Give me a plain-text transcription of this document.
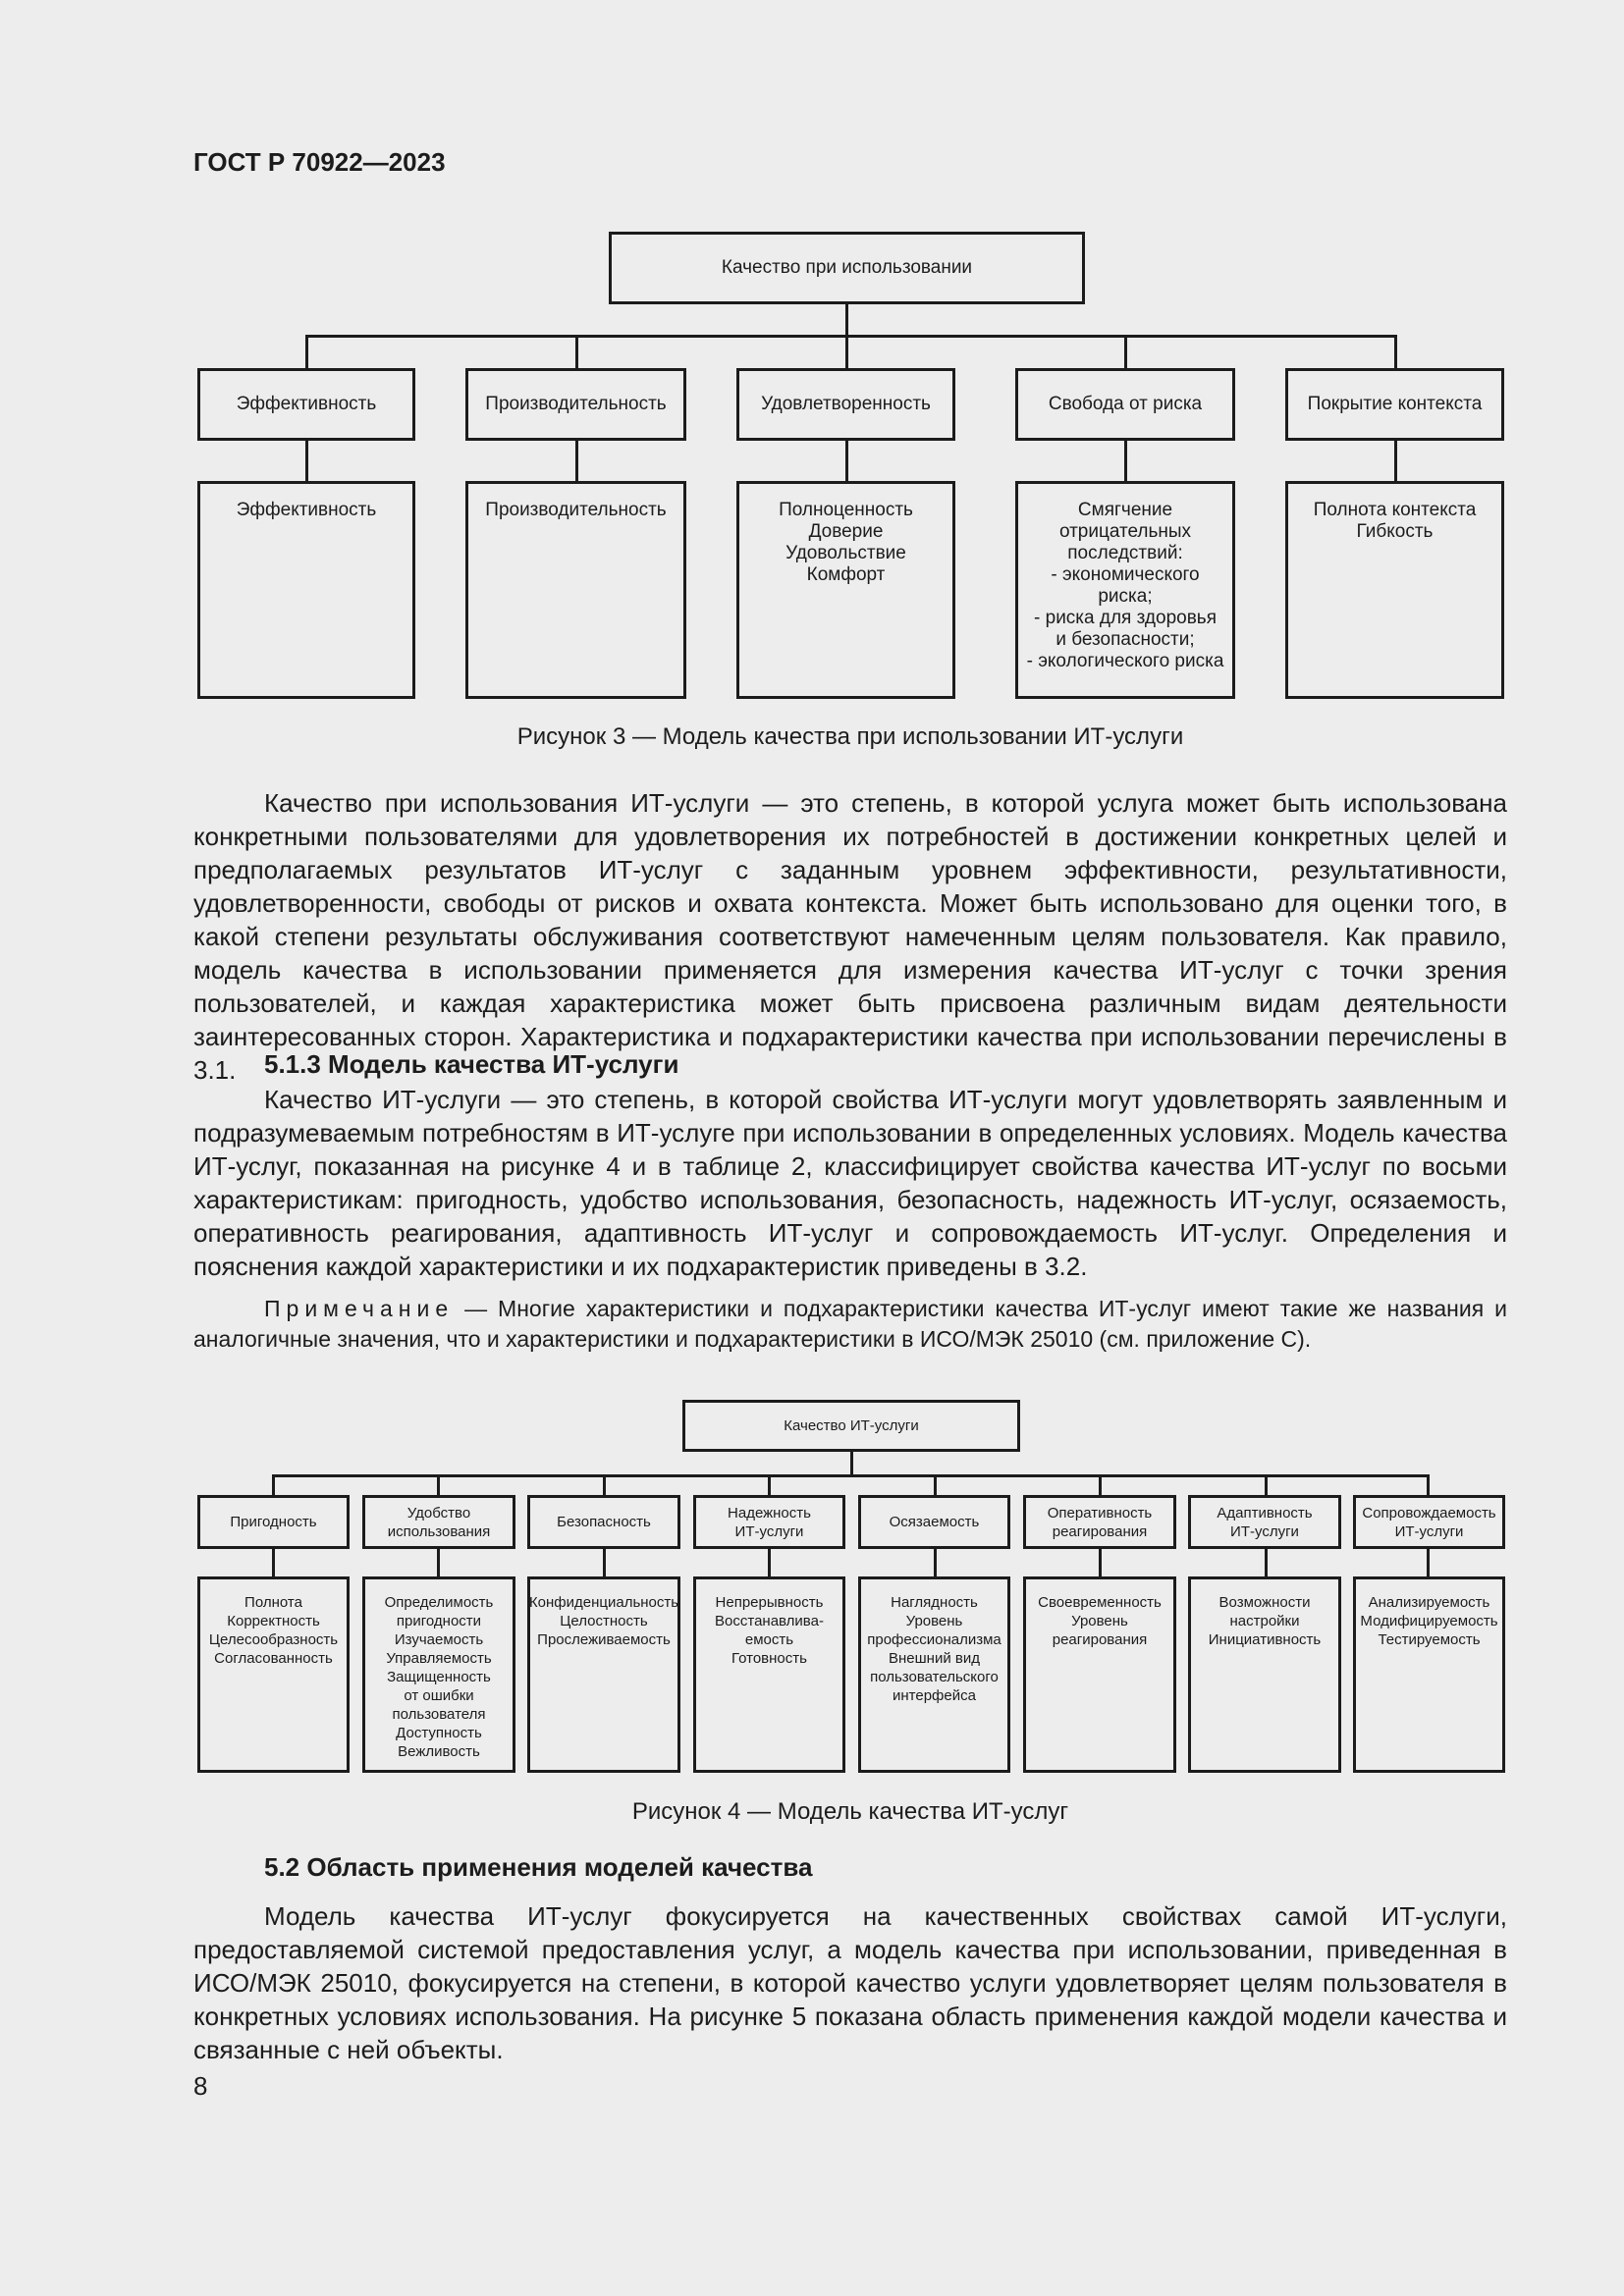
ГОСТ Р 70922—2023
Качество при использовании
Эффективность	Производительность	Удовлетворенность	Свобода от риска	Покрытие контекста
Эффективность	Производительность	Полноценность
Доверие
Удовольствие
Комфорт
Смягчение
отрицательных
последствий:
- экономического
риска;
- риска для здоровья
и безопасности;
- экологического риска
Полнота контекста
Гибкость
Рисунок 3 — Модель качества при использовании ИТ-услуги
Качество при использования ИТ-услуги — это степень, в которой услуга может быть использована конкретными пользователями для удовлетворения их потребностей в достижении конкретных целей и предполагаемых результатов ИТ-услуг с заданным уровнем эффективности, результативности, удовлетворенности, свободы от рисков и охвата контекста. Может быть использовано для оценки того, в какой степени результаты обслуживания соответствуют намеченным целям пользователя. Как правило, модель качества в использовании применяется для измерения качества ИТ-услуг с точки зрения пользователей, и каждая характеристика может быть присвоена различным видам деятельности заинтересованных сторон. Характеристика и подхарактеристики качества при использовании перечислены в 3.1.	5.1.3 Модель качества ИТ-услуги
Качество ИТ-услуги — это степень, в которой свойства ИТ-услуги могут удовлетворять заявленным и подразумеваемым потребностям в ИТ-услуге при использовании в определенных условиях. Модель качества ИТ-услуг, показанная на рисунке 4 и в таблице 2, классифицирует свойства качества ИТ-услуг по восьми характеристикам: пригодность, удобство использования, безопасность, надежность ИТ-услуг, осязаемость, оперативность реагирования, адаптивность ИТ-услуг и сопровождаемость ИТ-услуг. Определения и пояснения каждой характеристики и их подхарактеристик приведены в 3.2.
Примечание — Многие характеристики и подхарактеристики качества ИТ-услуг имеют такие же названия и аналогичные значения, что и характеристики и подхарактеристики в ИСО/МЭК 25010 (см. приложение С).
Качество ИТ-услуги
Пригодность
Удобство
использования
Безопасность
Надежность
ИТ-услуги
Осязаемость
Оперативность
реагирования
Адаптивность
ИТ-услуги
Сопровождаемость
ИТ-услуги
Полнота
Корректность
Целесообразность
Согласованность
Определимость
пригодности
Изучаемость
Управляемость
Защищенность
от ошибки
пользователя
Доступность
Вежливость
Конфиденциальность
Целостность
Прослеживаемость
Непрерывность
Восстанавлива-
емость
Готовность
Наглядность
Уровень
профессионализма
Внешний вид
пользовательского
интерфейса
Своевременность
Уровень
реагирования
Возможности
настройки
Инициативность
Анализируемость
Модифицируемость
Тестируемость
Рисунок 4 — Модель качества ИТ-услуг
5.2 Область применения моделей качества
Модель качества ИТ-услуг фокусируется на качественных свойствах самой ИТ-услуги, предоставляемой системой предоставления услуг, а модель качества при использовании, приведенная в ИСО/МЭК 25010, фокусируется на степени, в которой качество услуги удовлетворяет целям пользователя в конкретных условиях использования. На рисунке 5 показана область применения каждой модели качества и связанные с ней объекты.
8
